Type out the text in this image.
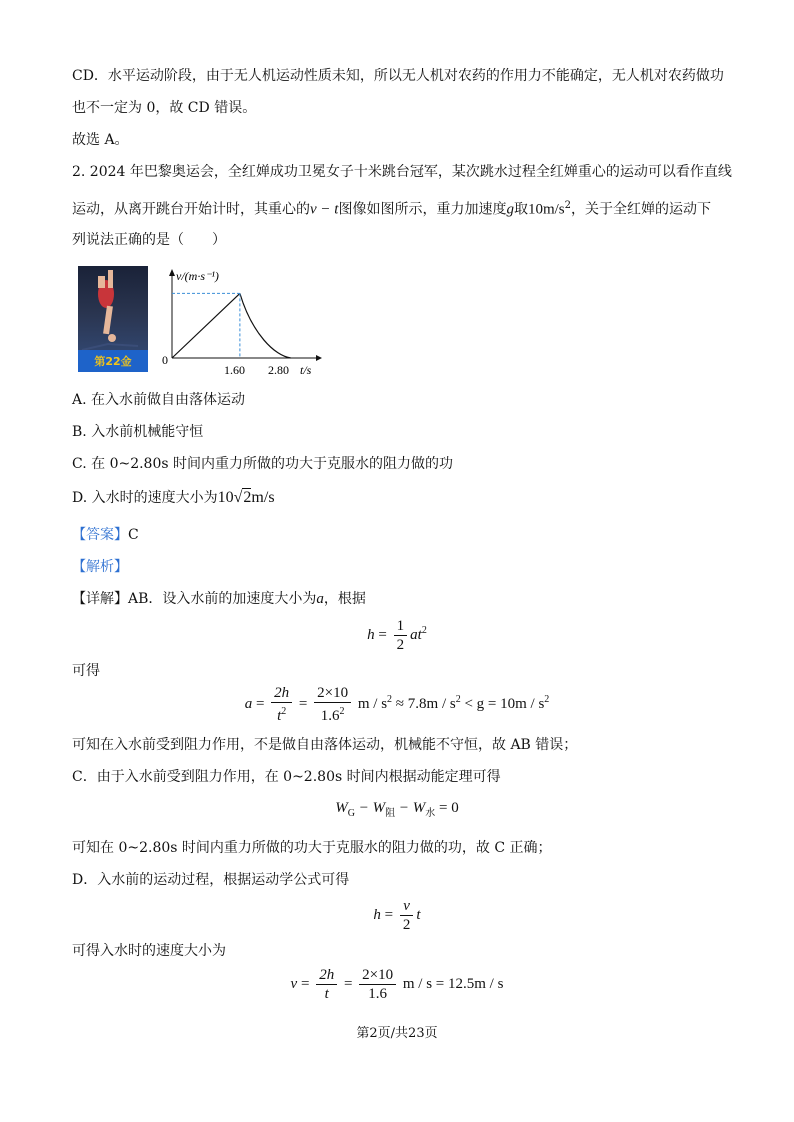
CD．水平运动阶段，由于无人机运动性质未知，所以无人机对农药的作用力不能确定，无人机对农药做功
也不一定为 0，故 CD 错误。
故选 A。
2. 2024 年巴黎奥运会，全红婵成功卫冕女子十米跳台冠军，某次跳水过程全红婵重心的运动可以看作直线
运动，从离开跳台开始计时，其重心的v − t图像如图所示，重力加速度g取$10m/s^2$，关于全红婵的运动下
列说法正确的是（　　）
第22金
v/(m·s⁻¹)
t/s
0
1.60 2.80
A. 在入水前做自由落体运动
B. 入水前机械能守恒
C. 在 0~2.80s 时间内重力所做的功大于克服水的阻力做的功
D. 入水时的速度大小为10√2m/s
【答案】C
【解析】
【详解】AB．设入水前的加速度大小为a，根据
$h = \frac{1}{2} at^2$
可得
$a = \frac{2h}{t^2} = \frac{2\times 10}{1.6^2}$ $m / s^2 \approx 7.8m / s^2 < g = 10m / s^2$
可知在入水前受到阻力作用，不是做自由落体运动，机械能不守恒，故 AB 错误；
C．由于入水前受到阻力作用，在 0~2.80s 时间内根据动能定理可得
$W_G - W_阻 - W_水 = 0$
可知在 0~2.80s 时间内重力所做的功大于克服水的阻力做的功，故 C 正确；
D．入水前的运动过程，根据运动学公式可得
$h = \frac{v}{2}$ t
可得入水时的速度大小为
$v = \frac{2h}{t} = \frac{2\times 10}{1.6}$ m / s = 12.5m / s
第2页/共23页
